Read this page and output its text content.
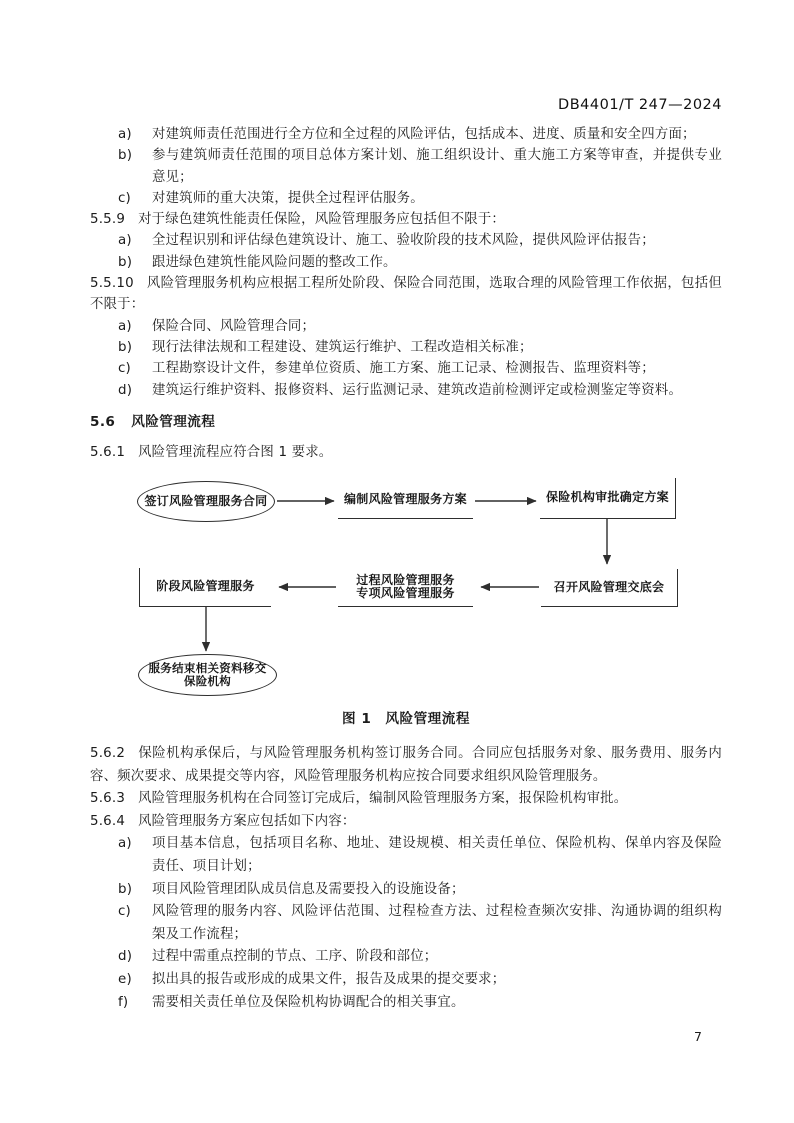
DB4401/T 247—2024
a)	对建筑师责任范围进行全方位和全过程的风险评估，包括成本、进度、质量和安全四方面；
b)	参与建筑师责任范围的项目总体方案计划、施工组织设计、重大施工方案等审查，并提供专业意见；
c)	对建筑师的重大决策，提供全过程评估服务。

5.5.9 对于绿色建筑性能责任保险，风险管理服务应包括但不限于：

a)	全过程识别和评估绿色建筑设计、施工、验收阶段的技术风险，提供风险评估报告；
b)	跟进绿色建筑性能风险问题的整改工作。

5.5.10 风险管理服务机构应根据工程所处阶段、保险合同范围，选取合理的风险管理工作依据，包括但不限于：

a)	保险合同、风险管理合同；
b)	现行法律法规和工程建设、建筑运行维护、工程改造相关标准；
c)	工程勘察设计文件，参建单位资质、施工方案、施工记录、检测报告、监理资料等；
d)	建筑运行维护资料、报修资料、运行监测记录、建筑改造前检测评定或检测鉴定等资料。
5.6 风险管理流程

5.6.1 风险管理流程应符合图 1 要求。

签订风险管理服务合同	编制风险管理服务方案	保险机构审批确定方案
召开风险管理交底会
过程风险管理服务
专项风险管理服务
阶段风险管理服务
服务结束相关资料移交
保险机构
图 1　风险管理流程

5.6.2 保险机构承保后，与风险管理服务机构签订服务合同。合同应包括服务对象、服务费用、服务内容、频次要求、成果提交等内容，风险管理服务机构应按合同要求组织风险管理服务。

5.6.3 风险管理服务机构在合同签订完成后，编制风险管理服务方案，报保险机构审批。

5.6.4 风险管理服务方案应包括如下内容：

a)	项目基本信息，包括项目名称、地址、建设规模、相关责任单位、保险机构、保单内容及保险责任、项目计划；
b)	项目风险管理团队成员信息及需要投入的设施设备；
c)	风险管理的服务内容、风险评估范围、过程检查方法、过程检查频次安排、沟通协调的组织构架及工作流程；
d)	过程中需重点控制的节点、工序、阶段和部位；
e)	拟出具的报告或形成的成果文件，报告及成果的提交要求；
f)	需要相关责任单位及保险机构协调配合的相关事宜。
7
